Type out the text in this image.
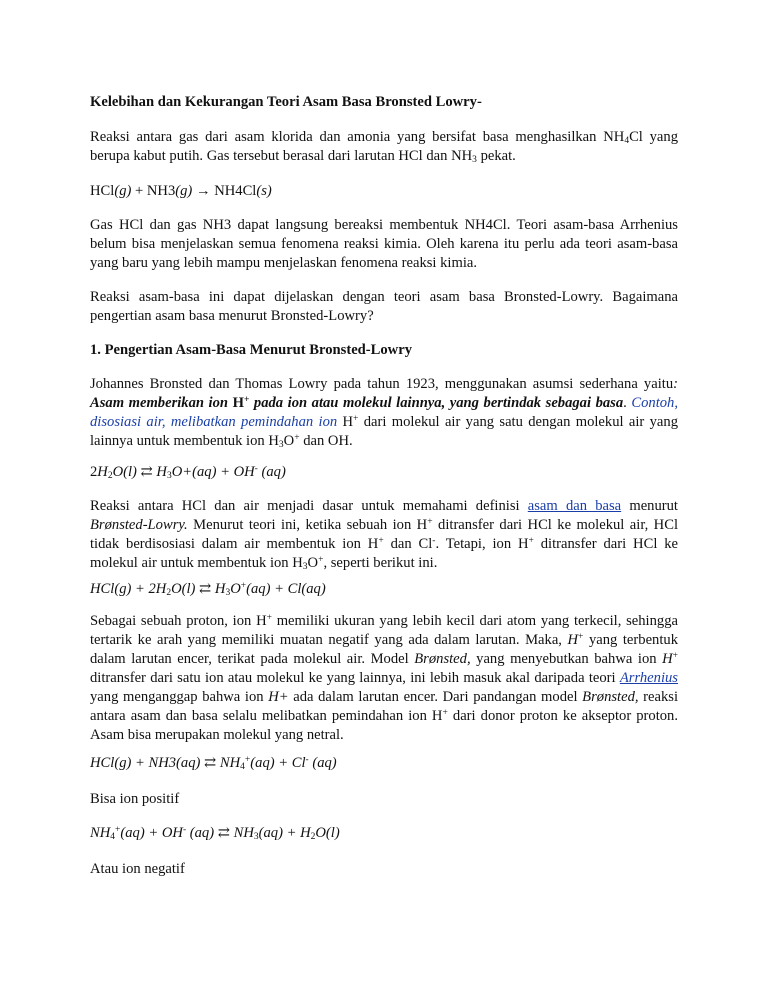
Kelebihan dan Kekurangan Teori Asam Basa Bronsted Lowry-

Reaksi antara gas dari asam klorida dan amonia yang bersifat basa menghasilkan $NH_4Cl$ yang berupa kabut putih. Gas tersebut berasal dari larutan HCl dan $NH_3$ pekat.

HCl(g) + NH3(g) → NH4Cl(s)

Gas HCl dan gas NH3 dapat langsung bereaksi membentuk NH4Cl. Teori asam-basa Arrhenius belum bisa menjelaskan semua fenomena reaksi kimia. Oleh karena itu perlu ada teori asam-basa yang baru yang lebih mampu menjelaskan fenomena reaksi kimia.

Reaksi asam-basa ini dapat dijelaskan dengan teori asam basa Bronsted-Lowry. Bagaimana pengertian asam basa menurut Bronsted-Lowry?

1. Pengertian Asam-Basa Menurut Bronsted-Lowry

Johannes Bronsted dan Thomas Lowry pada tahun 1923, menggunakan asumsi sederhana yaitu: Asam memberikan ion H+ pada ion atau molekul lainnya, yang bertindak sebagai basa. Contoh, disosiasi air, melibatkan pemindahan ion H+ dari molekul air yang satu dengan molekul air yang lainnya untuk membentuk ion $H_3O^+$ dan OH.

$2H_2O(l)$ ⇄ $H_3O+(aq) + OH^-$ (aq)

Reaksi antara HCl dan air menjadi dasar untuk memahami definisi asam dan basa menurut Brønsted-Lowry. Menurut teori ini, ketika sebuah ion H+ ditransfer dari HCl ke molekul air, HCl tidak berdisosiasi dalam air membentuk ion H+ dan Cl-. Tetapi, ion H+ ditransfer dari HCl ke molekul air untuk membentuk ion $H_3O^+$, seperti berikut ini.

$HCl(g) + 2H_2O(l)$ ⇄ $H_3O^+(aq) + Cl(aq)$

Sebagai sebuah proton, ion H+ memiliki ukuran yang lebih kecil dari atom yang terkecil, sehingga tertarik ke arah yang memiliki muatan negatif yang ada dalam larutan. Maka, H+ yang terbentuk dalam larutan encer, terikat pada molekul air. Model Brønsted, yang menyebutkan bahwa ion H+ ditransfer dari satu ion atau molekul ke yang lainnya, ini lebih masuk akal daripada teori Arrhenius yang menganggap bahwa ion H+ ada dalam larutan encer. Dari pandangan model Brønsted, reaksi antara asam dan basa selalu melibatkan pemindahan ion H+ dari donor proton ke akseptor proton. Asam bisa merupakan molekul yang netral.

HCl(g) + NH3(aq) ⇄ $NH_4^+(aq) + Cl^-$ (aq)

Bisa ion positif

$NH_4^+(aq) + OH^-$ (aq) ⇄ $NH_3(aq) + H_2O(l)$

Atau ion negatif
